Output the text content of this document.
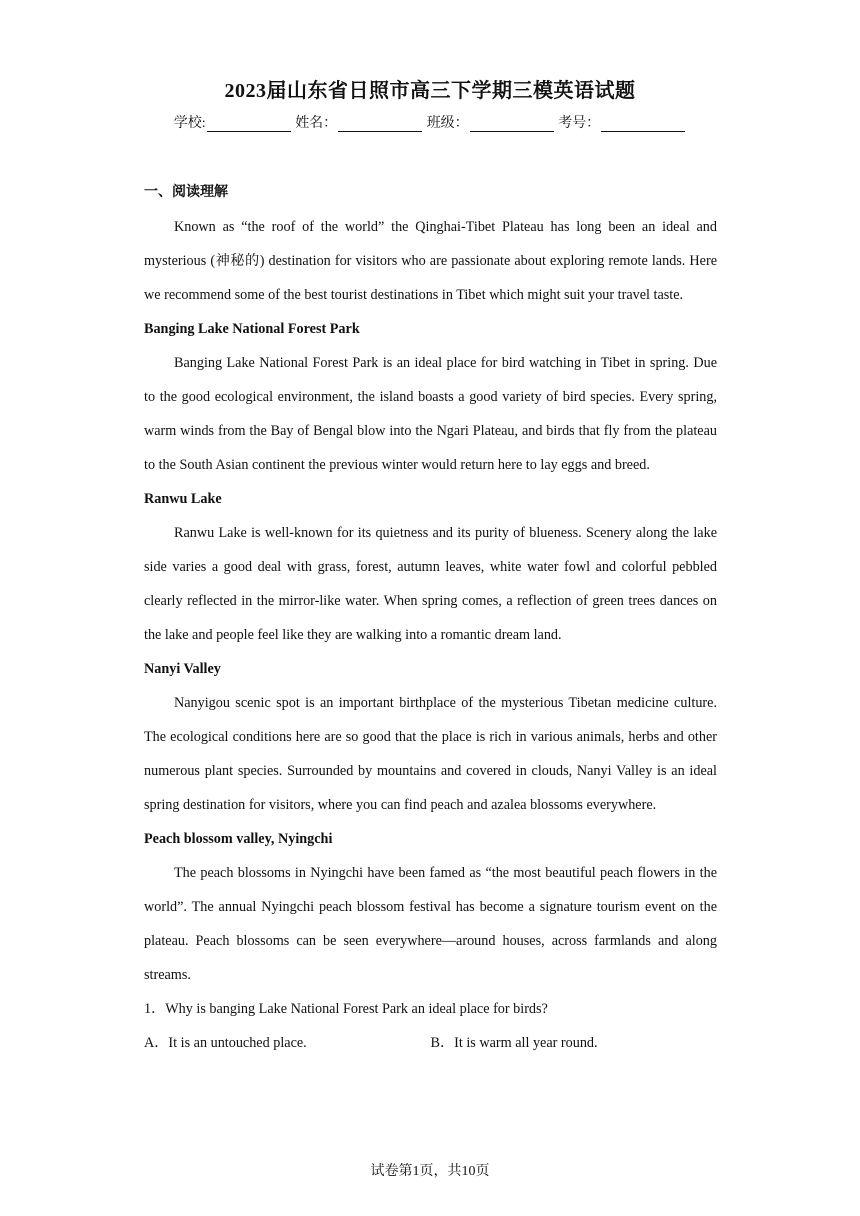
2023届山东省日照市高三下学期三模英语试题
学校:	姓名：	班级：	考号：
一、阅读理解

Known as “the roof of the world” the Qinghai-Tibet Plateau has long been an ideal and mysterious (神秘的) destination for visitors who are passionate about exploring remote lands. Here we recommend some of the best tourist destinations in Tibet which might suit your travel taste.

Banging Lake National Forest Park

Banging Lake National Forest Park is an ideal place for bird watching in Tibet in spring. Due to the good ecological environment, the island boasts a good variety of bird species. Every spring, warm winds from the Bay of Bengal blow into the Ngari Plateau, and birds that fly from the plateau to the South Asian continent the previous winter would return here to lay eggs and breed.

Ranwu Lake

Ranwu Lake is well-known for its quietness and its purity of blueness. Scenery along the lake side varies a good deal with grass, forest, autumn leaves, white water fowl and colorful pebbled clearly reflected in the mirror-like water. When spring comes, a reflection of green trees dances on the lake and people feel like they are walking into a romantic dream land.

Nanyi Valley

Nanyigou scenic spot is an important birthplace of the mysterious Tibetan medicine culture. The ecological conditions here are so good that the place is rich in various animals, herbs and other numerous plant species. Surrounded by mountains and covered in clouds, Nanyi Valley is an ideal spring destination for visitors, where you can find peach and azalea blossoms everywhere.

Peach blossom valley, Nyingchi

The peach blossoms in Nyingchi have been famed as “the most beautiful peach flowers in the world”. The annual Nyingchi peach blossom festival has become a signature tourism event on the plateau. Peach blossoms can be seen everywhere—around houses, across farmlands and along streams.

1．Why is banging Lake National Forest Park an ideal place for birds?

A．It is an untouched place.	B．It is warm all year round.
试卷第1页，共10页
